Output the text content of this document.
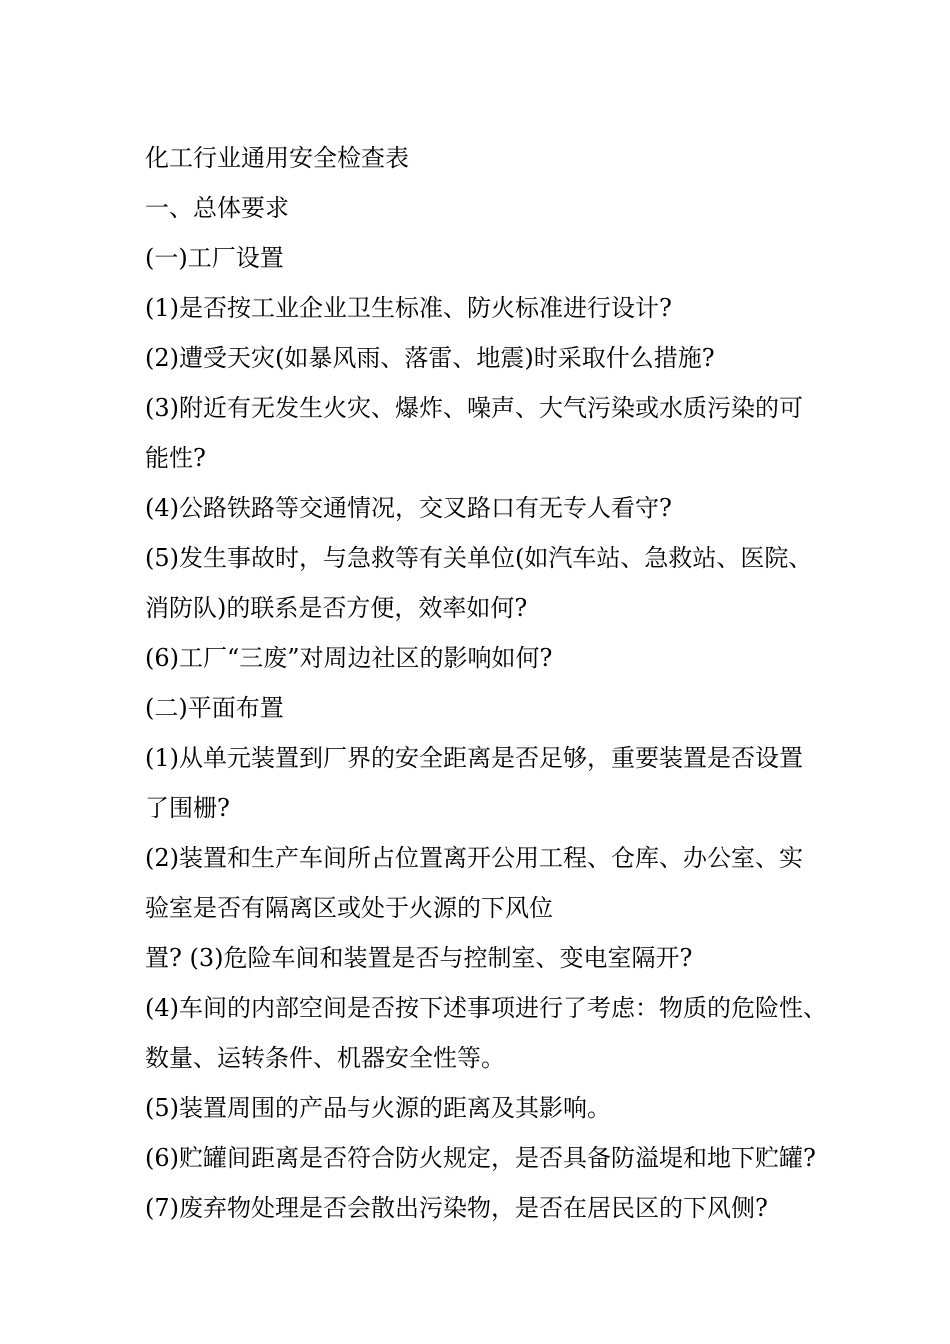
化工行业通用安全检查表
一、总体要求
(一)工厂设置
(1)是否按工业企业卫生标准、防火标准进行设计?
(2)遭受天灾(如暴风雨、落雷、地震)时采取什么措施?
(3)附近有无发生火灾、爆炸、噪声、大气污染或水质污染的可
能性?
(4)公路铁路等交通情况，交叉路口有无专人看守?
(5)发生事故时，与急救等有关单位(如汽车站、急救站、医院、
消防队)的联系是否方便，效率如何?
(6)工厂“三废”对周边社区的影响如何?
(二)平面布置
(1)从单元装置到厂界的安全距离是否足够，重要装置是否设置
了围栅?
(2)装置和生产车间所占位置离开公用工程、仓库、办公室、实
验室是否有隔离区或处于火源的下风位
置? (3)危险车间和装置是否与控制室、变电室隔开?
(4)车间的内部空间是否按下述事项进行了考虑：物质的危险性、
数量、运转条件、机器安全性等。
(5)装置周围的产品与火源的距离及其影响。
(6)贮罐间距离是否符合防火规定，是否具备防溢堤和地下贮罐?
(7)废弃物处理是否会散出污染物，是否在居民区的下风侧?
